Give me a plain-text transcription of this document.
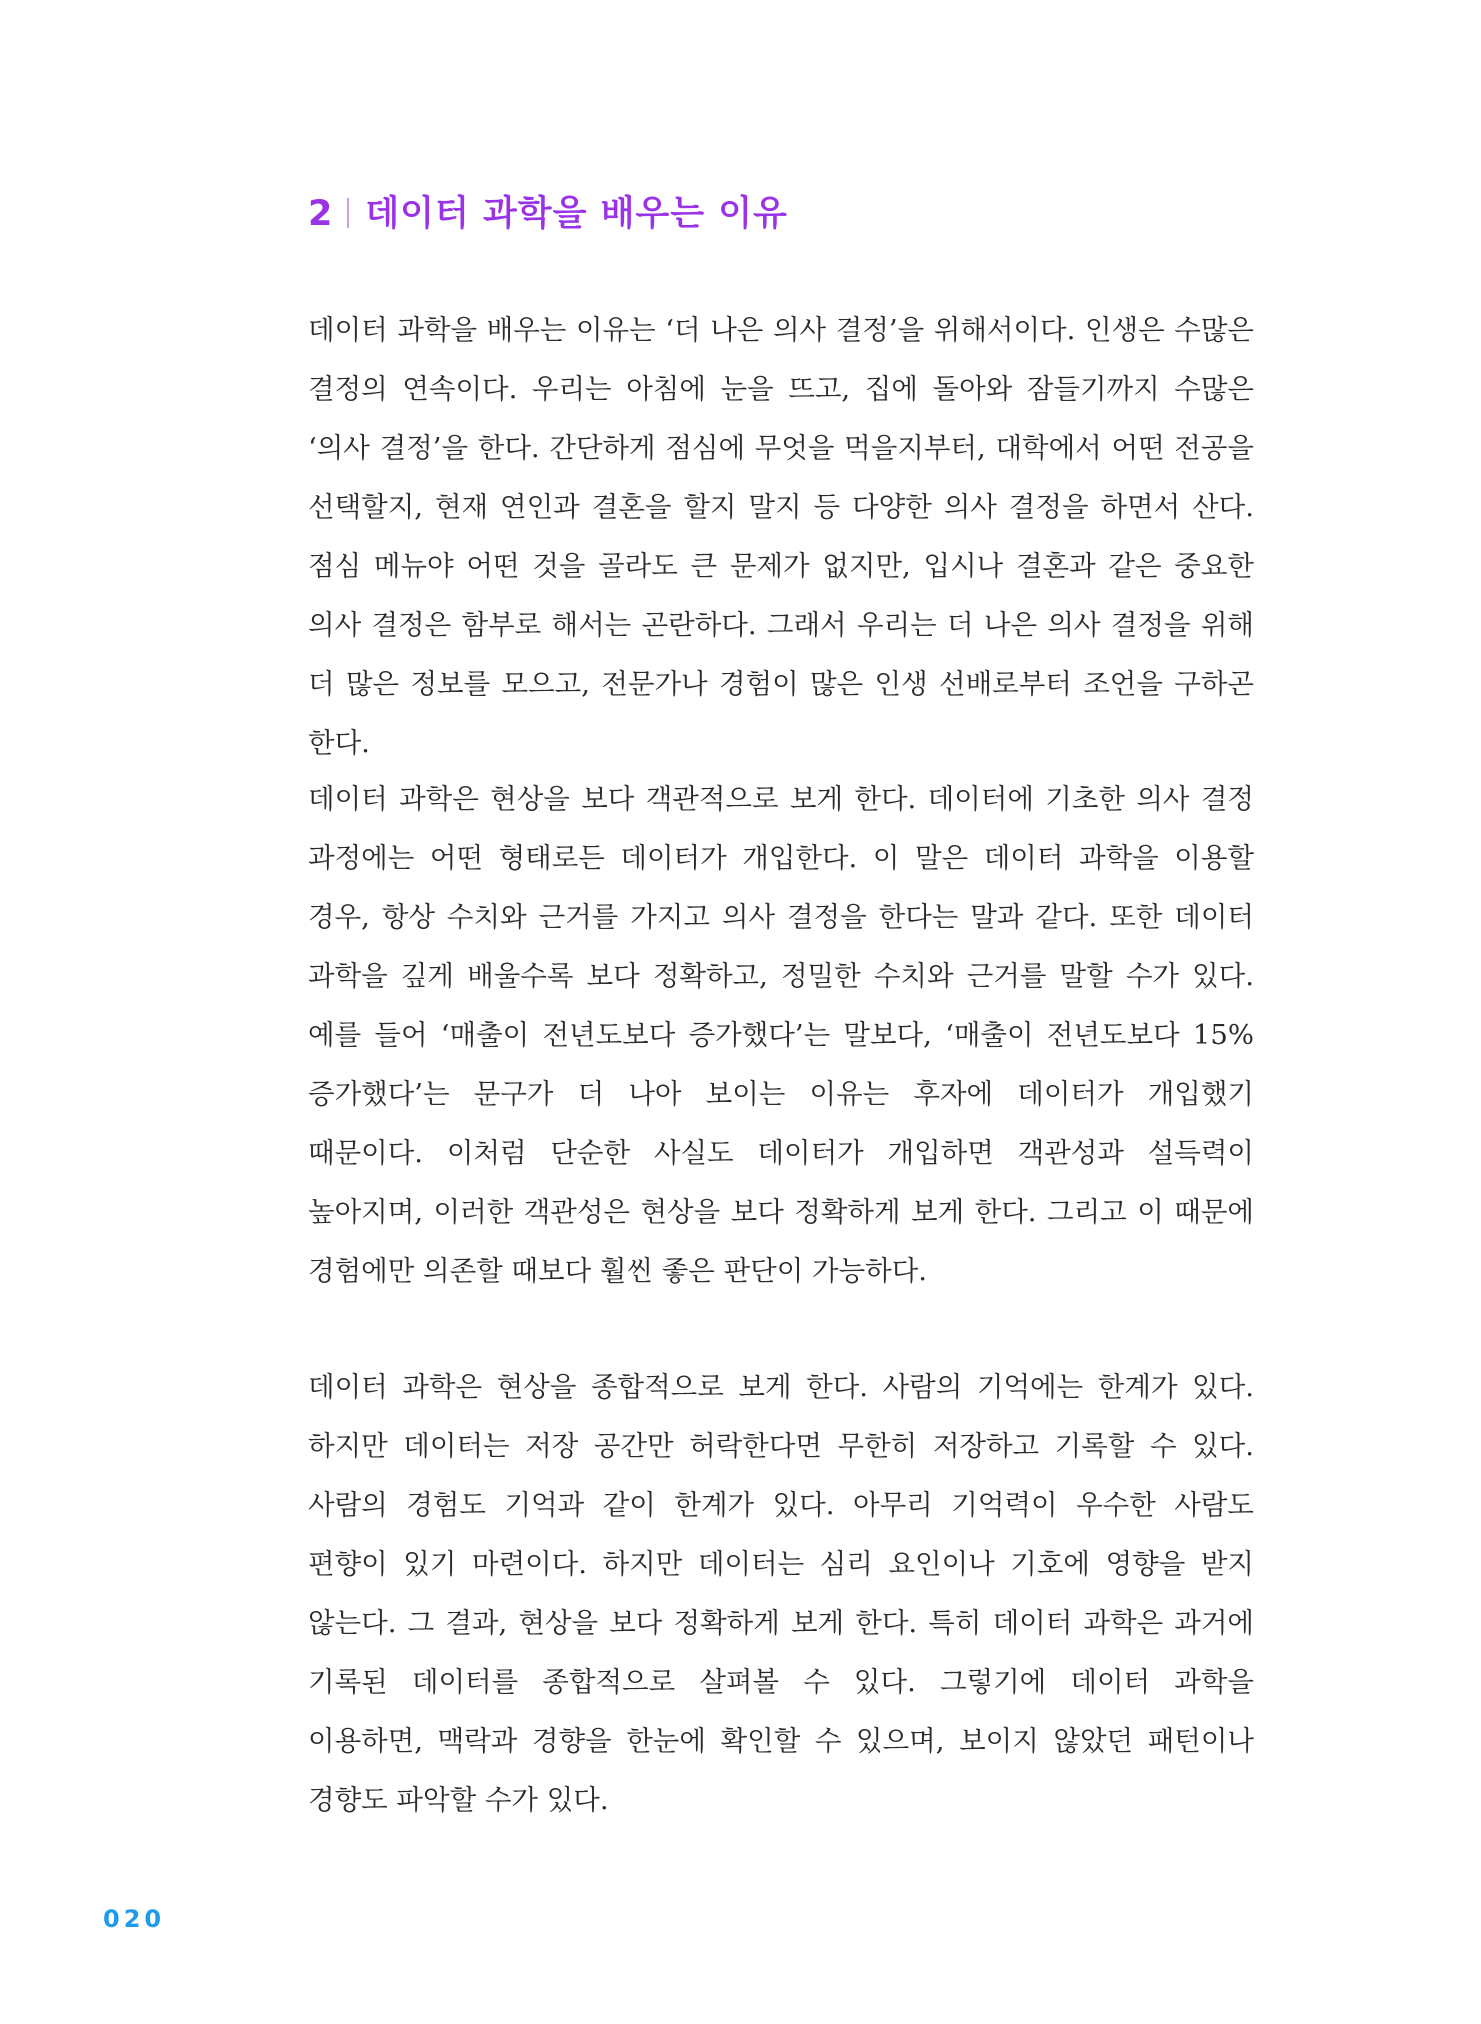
2 데이터 과학을 배우는 이유

데이터 과학을 배우는 이유는 ‘더 나은 의사 결정’을 위해서이다. 인생은 수많은 결정의 연속이다. 우리는 아침에 눈을 뜨고, 집에 돌아와 잠들기까지 수많은 ‘의사 결정’을 한다. 간단하게 점심에 무엇을 먹을지부터, 대학에서 어떤 전공을 선택할지, 현재 연인과 결혼을 할지 말지 등 다양한 의사 결정을 하면서 산다. 점심 메뉴야 어떤 것을 골라도 큰 문제가 없지만, 입시나 결혼과 같은 중요한 의사 결정은 함부로 해서는 곤란하다. 그래서 우리는 더 나은 의사 결정을 위해 더 많은 정보를 모으고, 전문가나 경험이 많은 인생 선배로부터 조언을 구하곤 한다.

데이터 과학은 현상을 보다 객관적으로 보게 한다. 데이터에 기초한 의사 결정 과정에는 어떤 형태로든 데이터가 개입한다. 이 말은 데이터 과학을 이용할 경우, 항상 수치와 근거를 가지고 의사 결정을 한다는 말과 같다. 또한 데이터 과학을 깊게 배울수록 보다 정확하고, 정밀한 수치와 근거를 말할 수가 있다. 예를 들어 ‘매출이 전년도보다 증가했다’는 말보다, ‘매출이 전년도보다 15% 증가했다’는 문구가 더 나아 보이는 이유는 후자에 데이터가 개입했기 때문이다. 이처럼 단순한 사실도 데이터가 개입하면 객관성과 설득력이 높아지며, 이러한 객관성은 현상을 보다 정확하게 보게 한다. 그리고 이 때문에 경험에만 의존할 때보다 훨씬 좋은 판단이 가능하다.

데이터 과학은 현상을 종합적으로 보게 한다. 사람의 기억에는 한계가 있다. 하지만 데이터는 저장 공간만 허락한다면 무한히 저장하고 기록할 수 있다. 사람의 경험도 기억과 같이 한계가 있다. 아무리 기억력이 우수한 사람도 편향이 있기 마련이다. 하지만 데이터는 심리 요인이나 기호에 영향을 받지 않는다. 그 결과, 현상을 보다 정확하게 보게 한다. 특히 데이터 과학은 과거에 기록된 데이터를 종합적으로 살펴볼 수 있다. 그렇기에 데이터 과학을 이용하면, 맥락과 경향을 한눈에 확인할 수 있으며, 보이지 않았던 패턴이나 경향도 파악할 수가 있다.

020
